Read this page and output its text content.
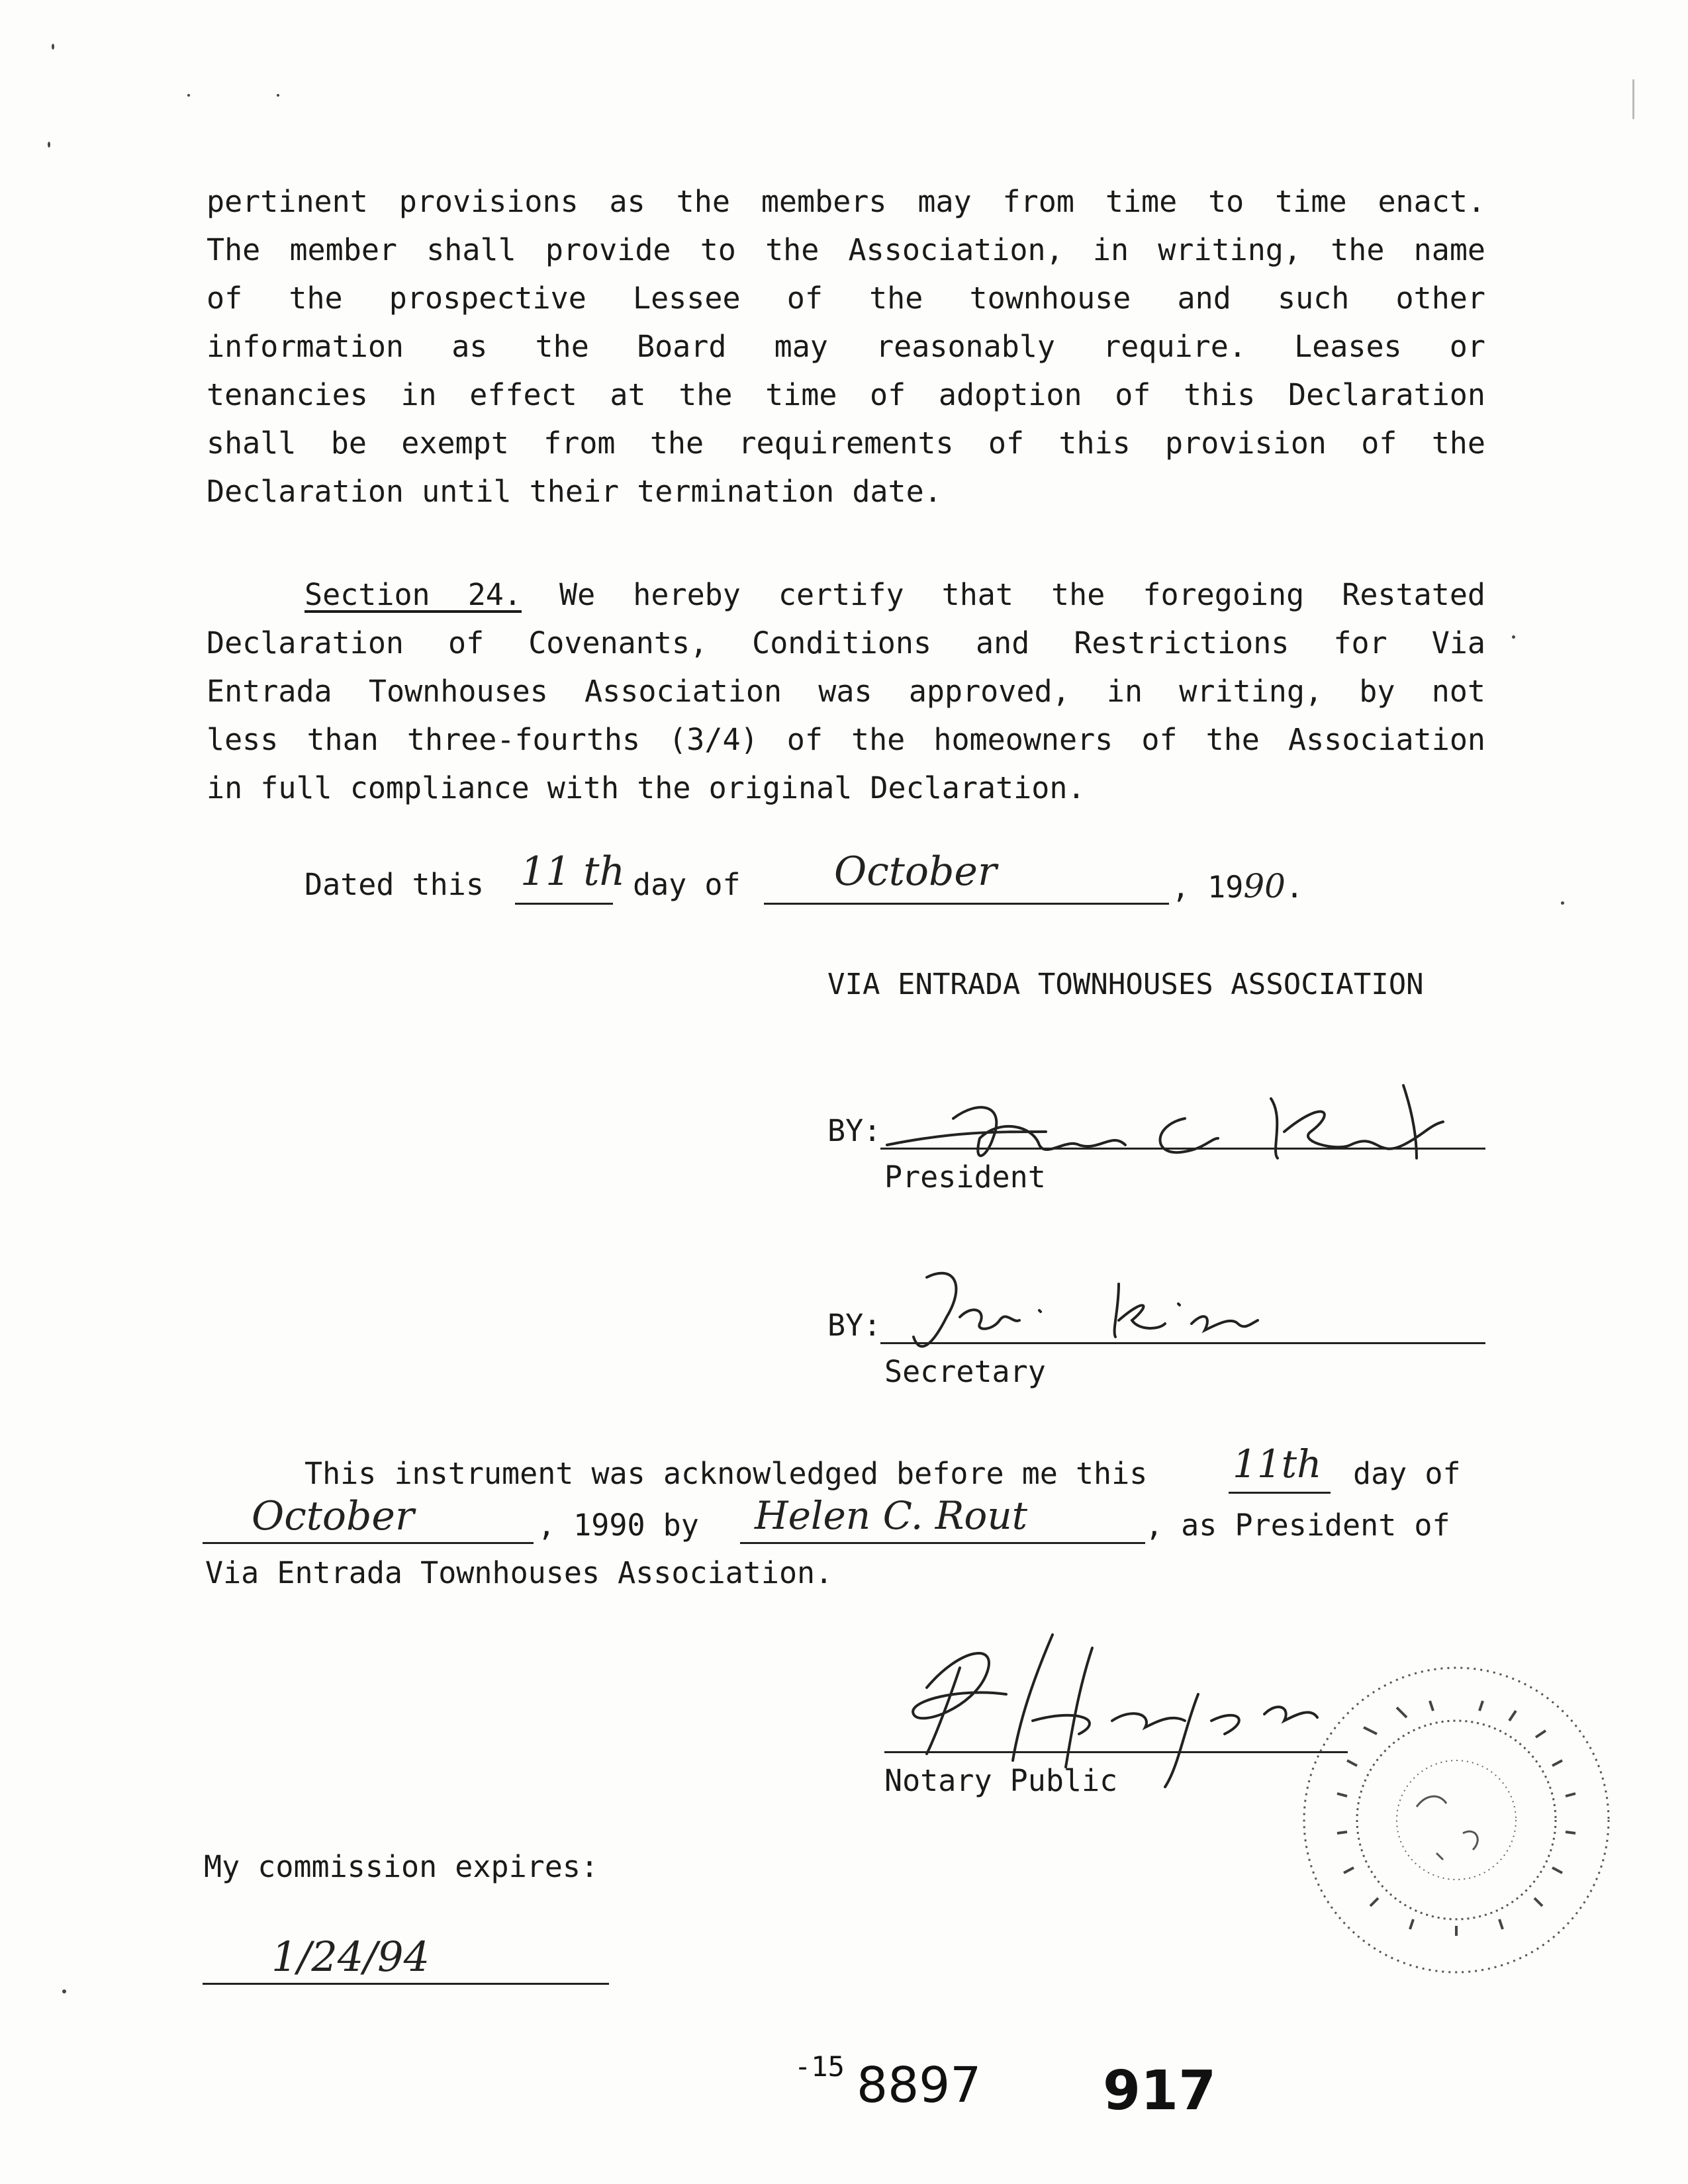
pertinent provisions as the members may from time to time enact.
The member shall provide to the Association, in writing, the name
of the prospective Lessee of the townhouse and such other
information as the Board may reasonably require. Leases or
tenancies in effect at the time of adoption of this Declaration
shall be exempt from the requirements of this provision of the
Declaration until their termination date.
Section 24. We hereby certify that the foregoing Restated
Declaration of Covenants, Conditions and Restrictions for Via
Entrada Townhouses Association was approved, in writing, by not
less than three-fourths (3/4) of the homeowners of the Association
in full compliance with the original Declaration.
Dated this 11 th day of October	, 1990.
VIA ENTRADA TOWNHOUSES ASSOCIATION
BY:
President
BY:
Secretary
This instrument was acknowledged before me this 11th day of
October	, 1990 by Helen C. Rout	, as President of
Via Entrada Townhouses Association.
Notary Public
My commission expires:
1/24/94
-15 8897 917
